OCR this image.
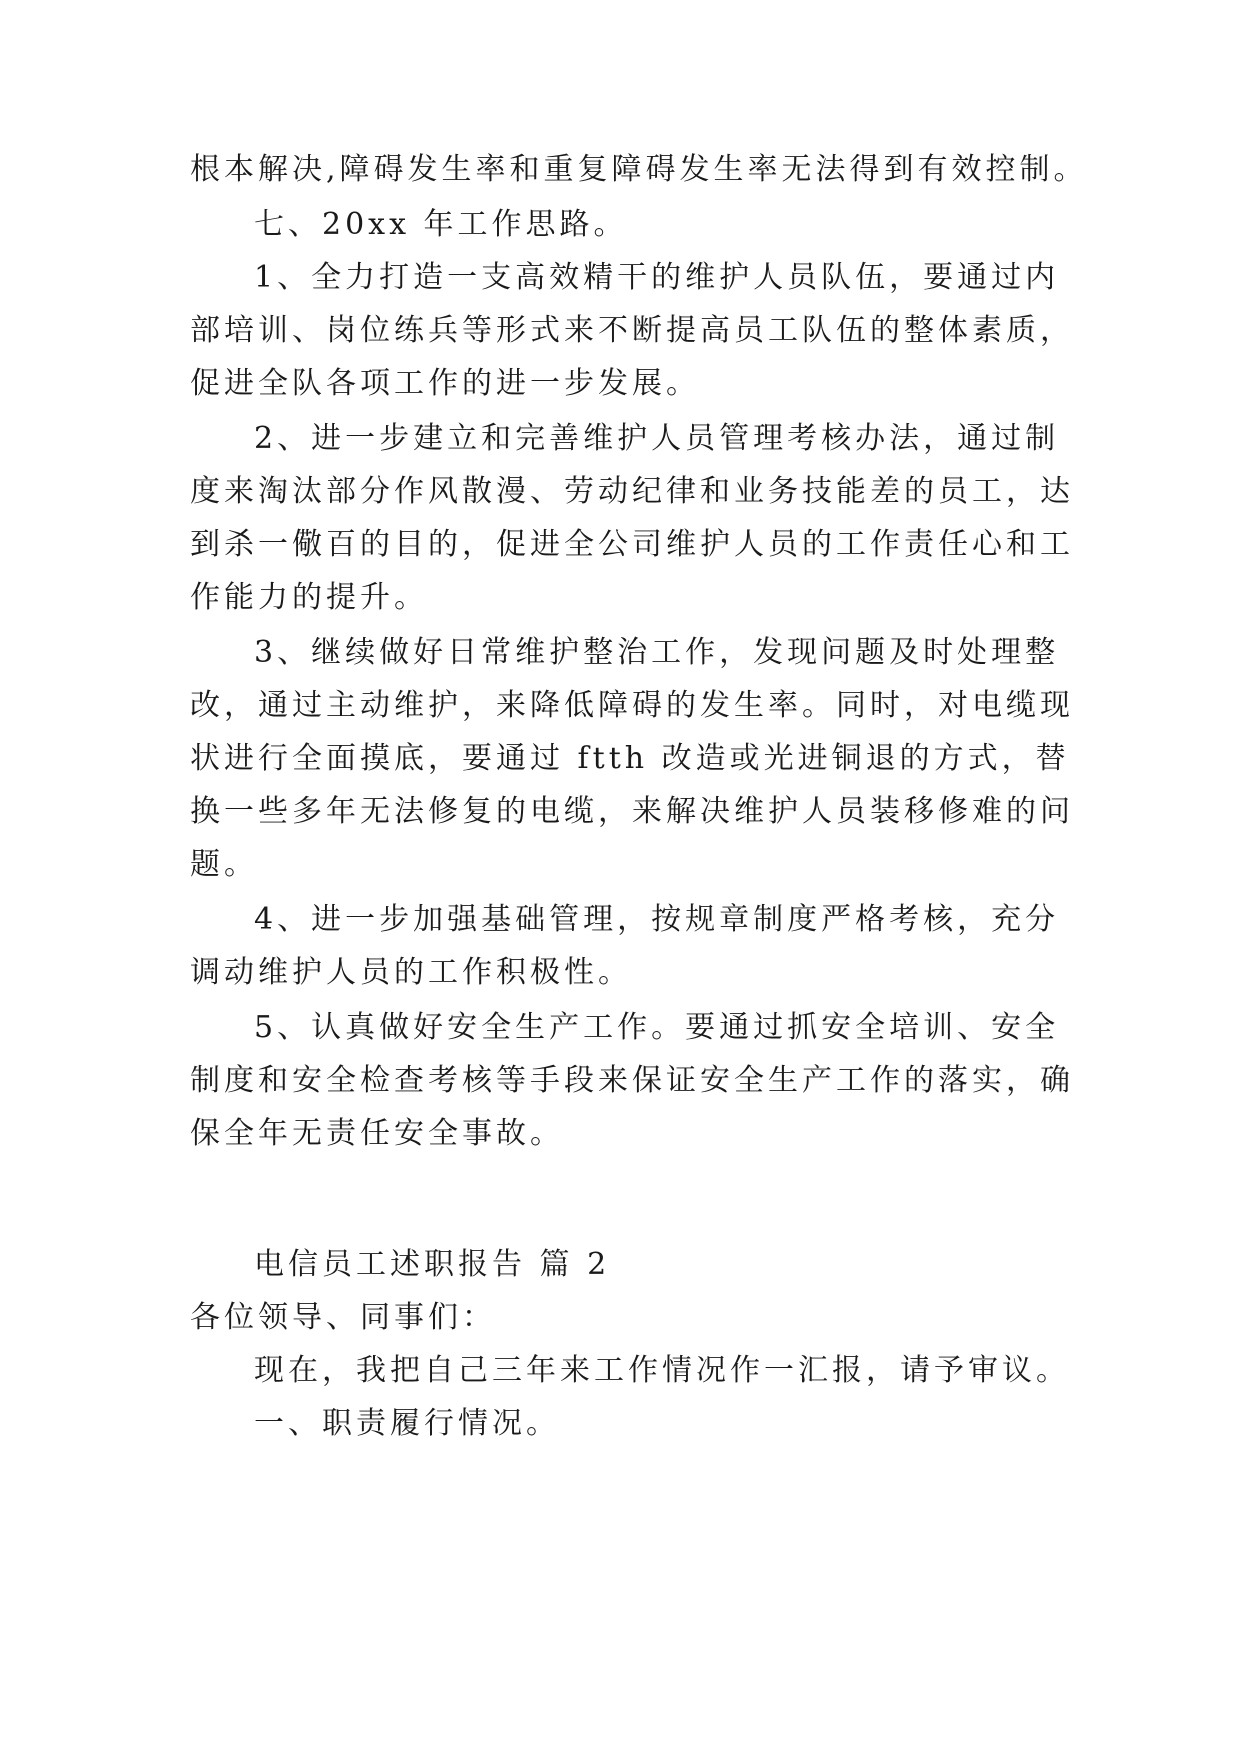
根本解决,障碍发生率和重复障碍发生率无法得到有效控制。
七、20xx 年工作思路。
1、全力打造一支高效精干的维护人员队伍，要通过内
部培训、岗位练兵等形式来不断提高员工队伍的整体素质，
促进全队各项工作的进一步发展。
2、进一步建立和完善维护人员管理考核办法，通过制
度来淘汰部分作风散漫、劳动纪律和业务技能差的员工，达
到杀一儆百的目的，促进全公司维护人员的工作责任心和工
作能力的提升。
3、继续做好日常维护整治工作，发现问题及时处理整
改，通过主动维护，来降低障碍的发生率。同时，对电缆现
状进行全面摸底，要通过 ftth 改造或光进铜退的方式，替
换一些多年无法修复的电缆，来解决维护人员装移修难的问
题。
4、进一步加强基础管理，按规章制度严格考核，充分
调动维护人员的工作积极性。
5、认真做好安全生产工作。要通过抓安全培训、安全
制度和安全检查考核等手段来保证安全生产工作的落实，确
保全年无责任安全事故。
电信员工述职报告 篇 2
各位领导、同事们：
现在，我把自己三年来工作情况作一汇报，请予审议。
一、职责履行情况。
